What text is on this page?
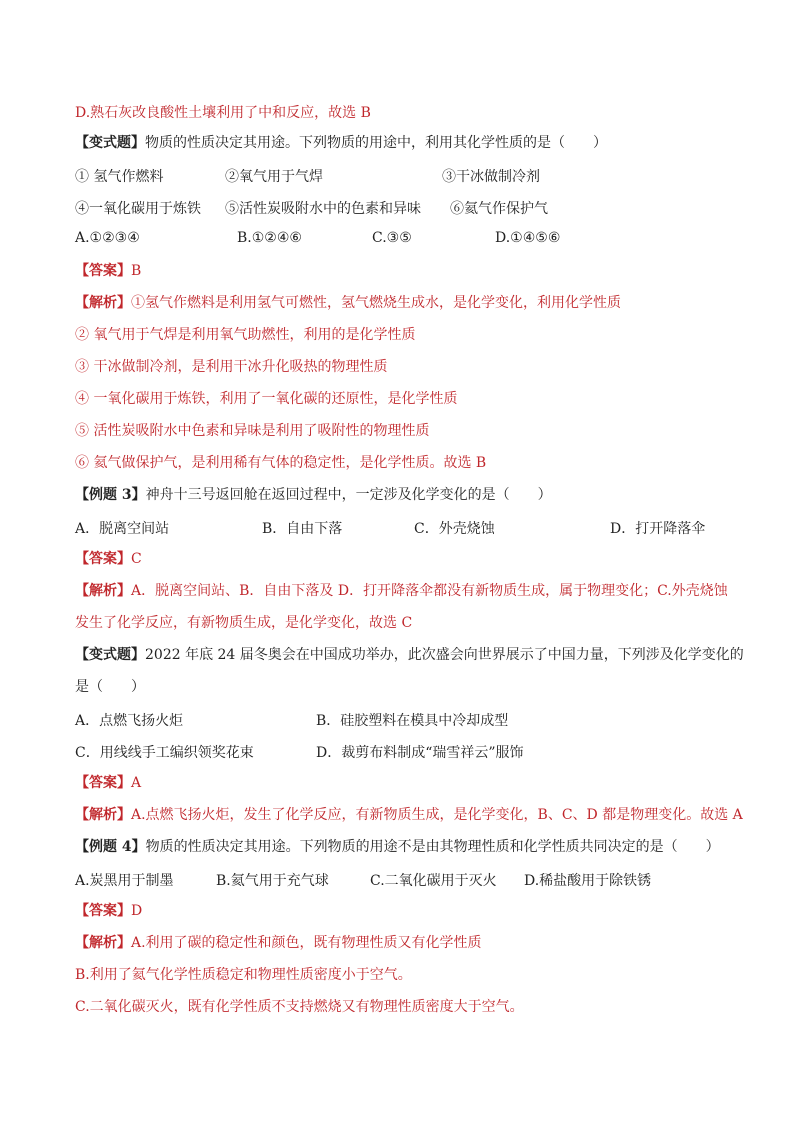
D.熟石灰改良酸性土壤利用了中和反应，故选 B
【变式题】物质的性质决定其用途。下列物质的用途中，利用其化学性质的是（　　）
① 氢气作燃料	②氧气用于气焊	③干冰做制冷剂
④一氧化碳用于炼铁 ⑤活性炭吸附水中的色素和异味 ⑥氦气作保护气
A.①②③④	B.①②④⑥	C.③⑤	D.①④⑤⑥
【答案】B
【解析】①氢气作燃料是利用氢气可燃性，氢气燃烧生成水，是化学变化，利用化学性质
② 氧气用于气焊是利用氧气助燃性，利用的是化学性质
③ 干冰做制冷剂，是利用干冰升化吸热的物理性质
④ 一氧化碳用于炼铁，利用了一氧化碳的还原性，是化学性质
⑤ 活性炭吸附水中色素和异味是利用了吸附性的物理性质
⑥ 氦气做保护气，是利用稀有气体的稳定性，是化学性质。故选 B
【例题 3】神舟十三号返回舱在返回过程中，一定涉及化学变化的是（　　）
A．脱离空间站	B．自由下落	C．外壳烧蚀	D．打开降落伞
【答案】C
【解析】A．脱离空间站、B．自由下落及 D．打开降落伞都没有新物质生成，属于物理变化；C.外壳烧蚀
发生了化学反应，有新物质生成，是化学变化，故选 C
【变式题】2022 年底 24 届冬奥会在中国成功举办，此次盛会向世界展示了中国力量，下列涉及化学变化的
是（　　）
A．点燃飞扬火炬	B．硅胶塑料在模具中冷却成型
C．用线线手工编织领奖花束	D．裁剪布料制成“瑞雪祥云”服饰
【答案】A
【解析】A.点燃飞扬火炬，发生了化学反应，有新物质生成，是化学变化，B、C、D 都是物理变化。故选 A
【例题 4】物质的性质决定其用途。下列物质的用途不是由其物理性质和化学性质共同决定的是（　　）
A.炭黑用于制墨	B.氦气用于充气球	C.二氧化碳用于灭火 D.稀盐酸用于除铁锈
【答案】D
【解析】A.利用了碳的稳定性和颜色，既有物理性质又有化学性质
B.利用了氦气化学性质稳定和物理性质密度小于空气。
C.二氧化碳灭火，既有化学性质不支持燃烧又有物理性质密度大于空气。
